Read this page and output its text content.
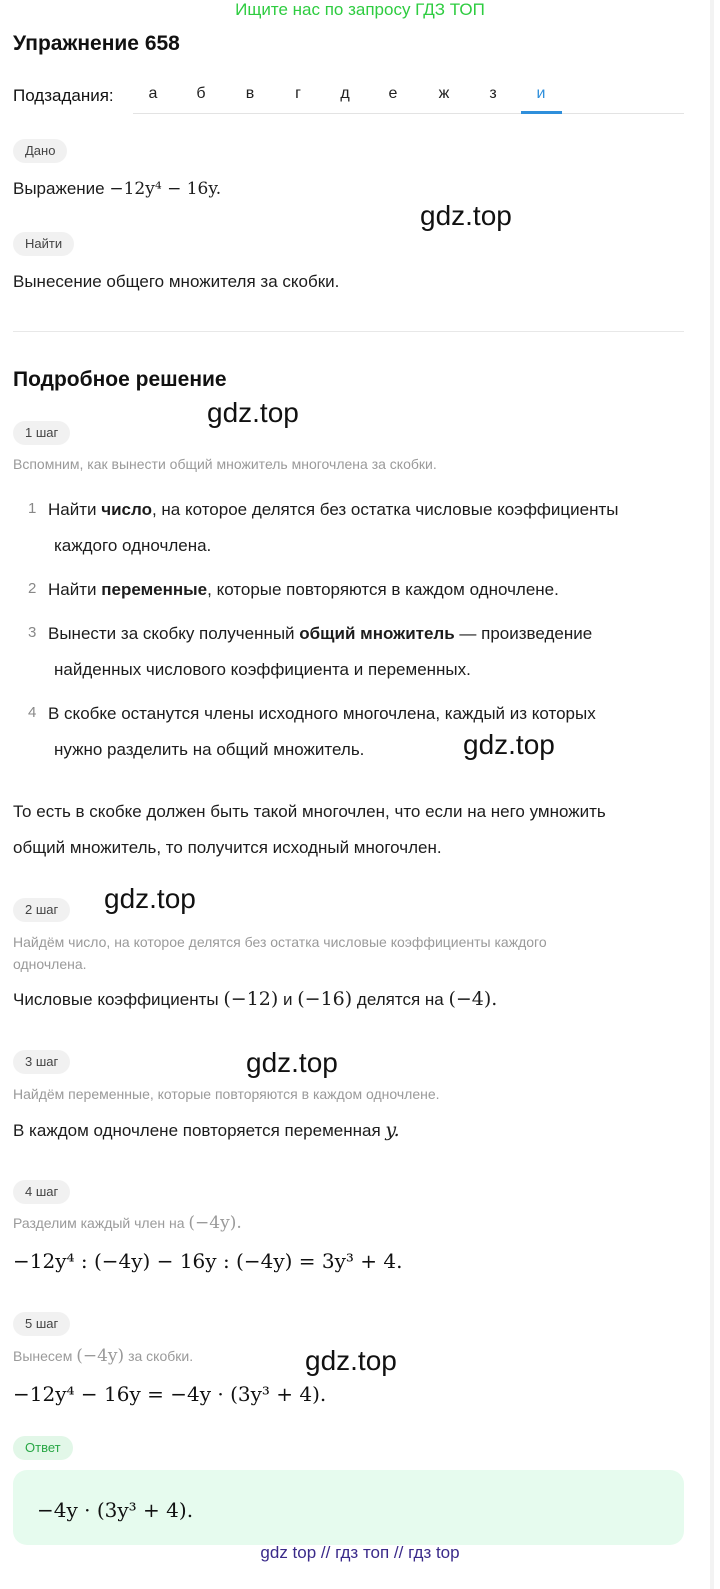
Ищите нас по запросу ГДЗ ТОП
Упражнение 658
Подзадания:	а	б	в	г	д	е	ж	з	и
Дано
Выражение −12y⁴ − 16y.
gdz.top
Найти
Вынесение общего множителя за скобки.
Подробное решение
gdz.top
1 шаг
Вспомним, как вынести общий множитель многочлена за скобки.
1 Найти число, на которое делятся без остатка числовые коэффициенты
каждого одночлена.
2 Найти переменные, которые повторяются в каждом одночлене.
3 Вынести за скобку полученный общий множитель — произведение
найденных числового коэффициента и переменных.
4 В скобке останутся члены исходного многочлена, каждый из которых
нужно разделить на общий множитель.	gdz.top
То есть в скобке должен быть такой многочлен, что если на него умножить
общий множитель, то получится исходный многочлен.
gdz.top
2 шаг
Найдём число, на которое делятся без остатка числовые коэффициенты каждого
одночлена.
Числовые коэффициенты (−12) и (−16) делятся на (−4).
gdz.top
3 шаг
Найдём переменные, которые повторяются в каждом одночлене.
В каждом одночлене повторяется переменная y.
4 шаг
Разделим каждый член на (−4y).
−12y⁴ : (−4y) − 16y : (−4y) = 3y³ + 4.
5 шаг
Вынесем (−4y) за скобки.	gdz.top
−12y⁴ − 16y = −4y · (3y³ + 4).
Ответ
−4y · (3y³ + 4).
gdz top // гдз топ // гдз top
